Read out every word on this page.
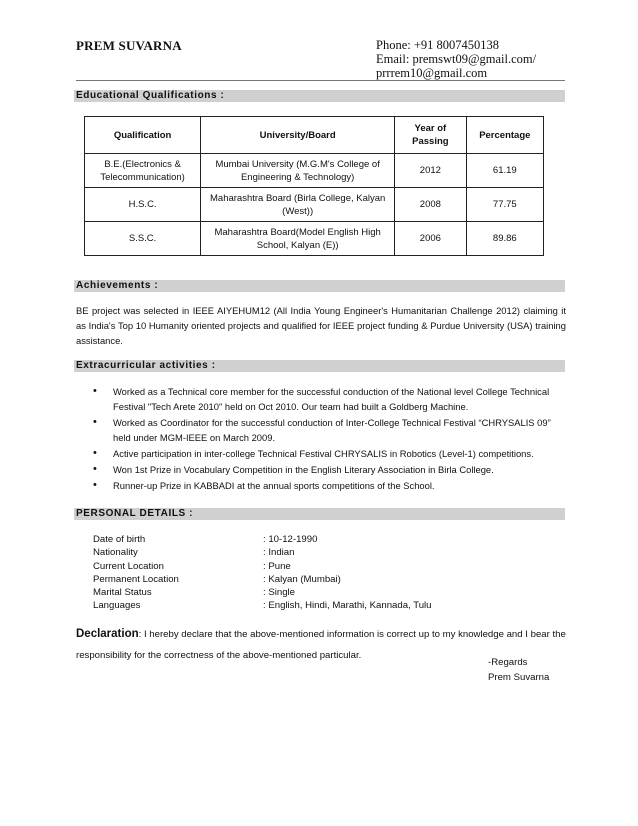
PREM SUVARNA	Phone: +91 8007450138
Email: premswt09@gmail.com/
prrrem10@gmail.com
Educational Qualifications :
Qualification	University/Board	Year of Passing	Percentage
B.E.(Electronics & Telecommunication)	Mumbai University (M.G.M's College of Engineering & Technology)	2012	61.19
H.S.C.	Maharashtra Board (Birla College, Kalyan (West))	2008	77.75
S.S.C.	Maharashtra Board(Model English High School, Kalyan (E))	2006	89.86
Achievements :
BE project was selected in IEEE AIYEHUM12 (All India Young Engineer's Humanitarian Challenge 2012) claiming it as India's Top 10 Humanity oriented projects and qualified for IEEE project funding & Purdue University (USA) training assistance.
Extracurricular activities :
• Worked as a Technical core member for the successful conduction of the National level College Technical Festival "Tech Arete 2010" held on Oct 2010. Our team had built a Goldberg Machine.
• Worked as Coordinator for the successful conduction of Inter-College Technical Festival “CHRYSALIS 09” held under MGM-IEEE on March 2009.
• Active participation in inter-college Technical Festival CHRYSALIS in Robotics (Level-1) competitions.
• Won 1st Prize in Vocabulary Competition in the English Literary Association in Birla College.
• Runner-up Prize in KABBADI at the annual sports competitions of the School.
PERSONAL DETAILS :
Date of birth	: 10-12-1990
Nationality	: Indian
Current Location	: Pune
Permanent Location	: Kalyan (Mumbai)
Marital Status	: Single
Languages	: English, Hindi, Marathi, Kannada, Tulu
Declaration: I hereby declare that the above-mentioned information is correct up to my knowledge and I bear the responsibility for the correctness of the above-mentioned particular.
-Regards
Prem Suvarna
